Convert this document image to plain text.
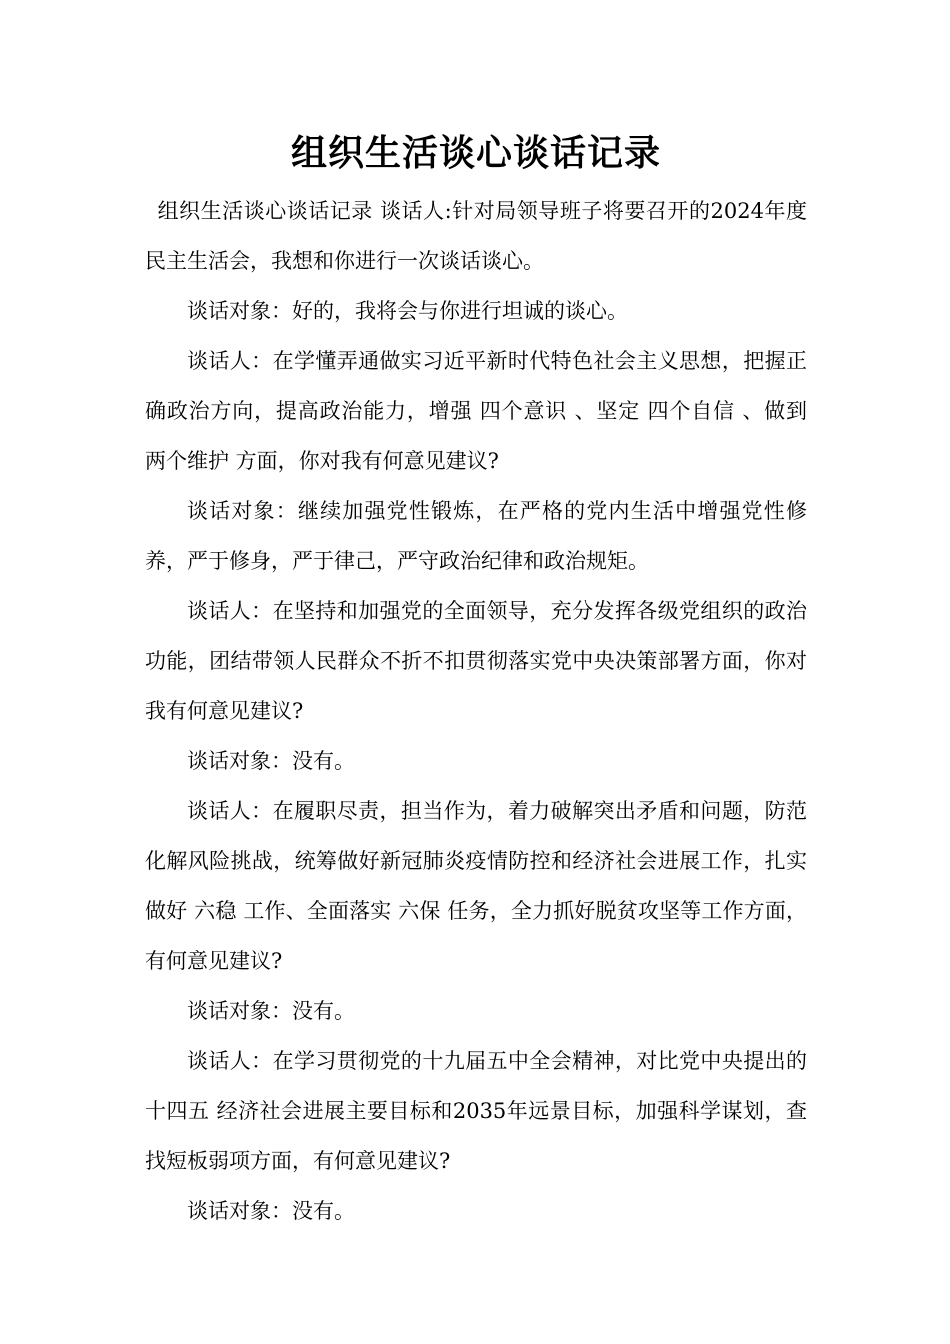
组织生活谈心谈话记录

组织生活谈心谈话记录 谈话人:针对局领导班子将要召开的2024年度民主生活会，我想和你进行一次谈话谈心。

谈话对象：好的，我将会与你进行坦诚的谈心。

谈话人：在学懂弄通做实习近平新时代特色社会主义思想，把握正确政治方向，提高政治能力，增强 四个意识 、坚定 四个自信 、做到 两个维护 方面，你对我有何意见建议?

谈话对象：继续加强党性锻炼，在严格的党内生活中增强党性修养，严于修身，严于律己，严守政治纪律和政治规矩。

谈话人：在坚持和加强党的全面领导，充分发挥各级党组织的政治功能，团结带领人民群众不折不扣贯彻落实党中央决策部署方面，你对我有何意见建议?

谈话对象：没有。

谈话人：在履职尽责，担当作为，着力破解突出矛盾和问题，防范化解风险挑战，统筹做好新冠肺炎疫情防控和经济社会进展工作，扎实做好 六稳 工作、全面落实 六保 任务，全力抓好脱贫攻坚等工作方面，有何意见建议?

谈话对象：没有。

谈话人：在学习贯彻党的十九届五中全会精神，对比党中央提出的 十四五 经济社会进展主要目标和2035年远景目标，加强科学谋划，查找短板弱项方面，有何意见建议?

谈话对象：没有。
